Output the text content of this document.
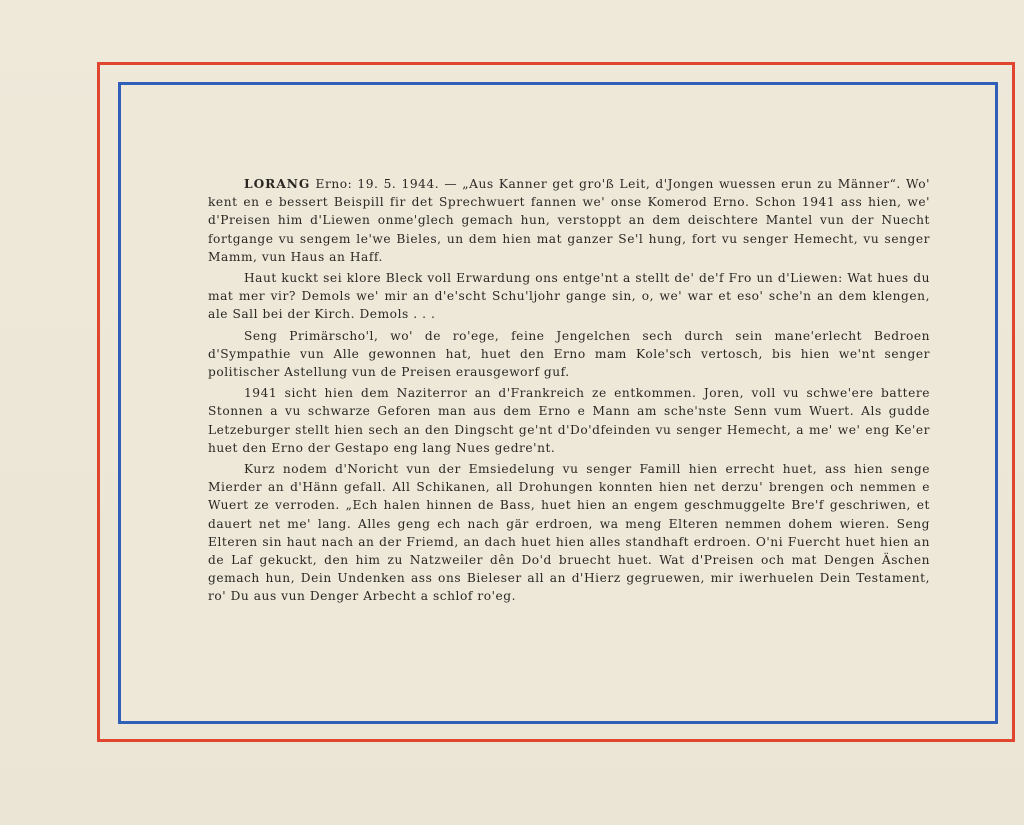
LORANG Erno: 19. 5. 1944. — „Aus Kanner get gro'ß Leit, d'Jongen wuessen erun zu Männer“. Wo' kent en e bessert Beispill fir det Sprechwuert fannen we' onse Komerod Erno. Schon 1941 ass hien, we' d'Preisen him d'Liewen onme'glech gemach hun, verstoppt an dem deischtere Mantel vun der Nuecht fortgange vu sengem le'we Bieles, un dem hien mat ganzer Se'l hung, fort vu senger Hemecht, vu senger Mamm, vun Haus an Haff.

Haut kuckt sei klore Bleck voll Erwardung ons entge'nt a stellt de' de'f Fro un d'Liewen: Wat hues du mat mer vir? Demols we' mir an d'e'scht Schu'ljohr gange sin, o, we' war et eso' sche'n an dem klengen, ale Sall bei der Kirch. Demols . . .

Seng Primärscho'l, wo' de ro'ege, feine Jengelchen sech durch sein mane'erlecht Bedroen d'Sympathie vun Alle gewonnen hat, huet den Erno mam Kole'sch vertosch, bis hien we'nt senger politischer Astellung vun de Preisen erausgeworf guf.

1941 sicht hien dem Naziterror an d'Frankreich ze entkommen. Joren, voll vu schwe'ere battere Stonnen a vu schwarze Geforen man aus dem Erno e Mann am sche'nste Senn vum Wuert. Als gudde Letzeburger stellt hien sech an den Dingscht ge'nt d'Do'dfeinden vu senger Hemecht, a me' we' eng Ke'er huet den Erno der Gestapo eng lang Nues gedre'nt.

Kurz nodem d'Noricht vun der Emsiedelung vu senger Famill hien errecht huet, ass hien senge Mierder an d'Hänn gefall. All Schikanen, all Drohungen konnten hien net derzu' brengen och nemmen e Wuert ze verroden. „Ech halen hinnen de Bass, huet hien an engem geschmuggelte Bre'f geschriwen, et dauert net me' lang. Alles geng ech nach gär erdroen, wa meng Elteren nemmen dohem wieren. Seng Elteren sin haut nach an der Friemd, an dach huet hien alles standhaft erdroen. O'ni Fuercht huet hien an de Laf gekuckt, den him zu Natzweiler dên Do'd bruecht huet. Wat d'Preisen och mat Dengen Äschen gemach hun, Dein Undenken ass ons Bieleser all an d'Hierz gegruewen, mir iwerhuelen Dein Testament, ro' Du aus vun Denger Arbecht a schlof ro'eg.
